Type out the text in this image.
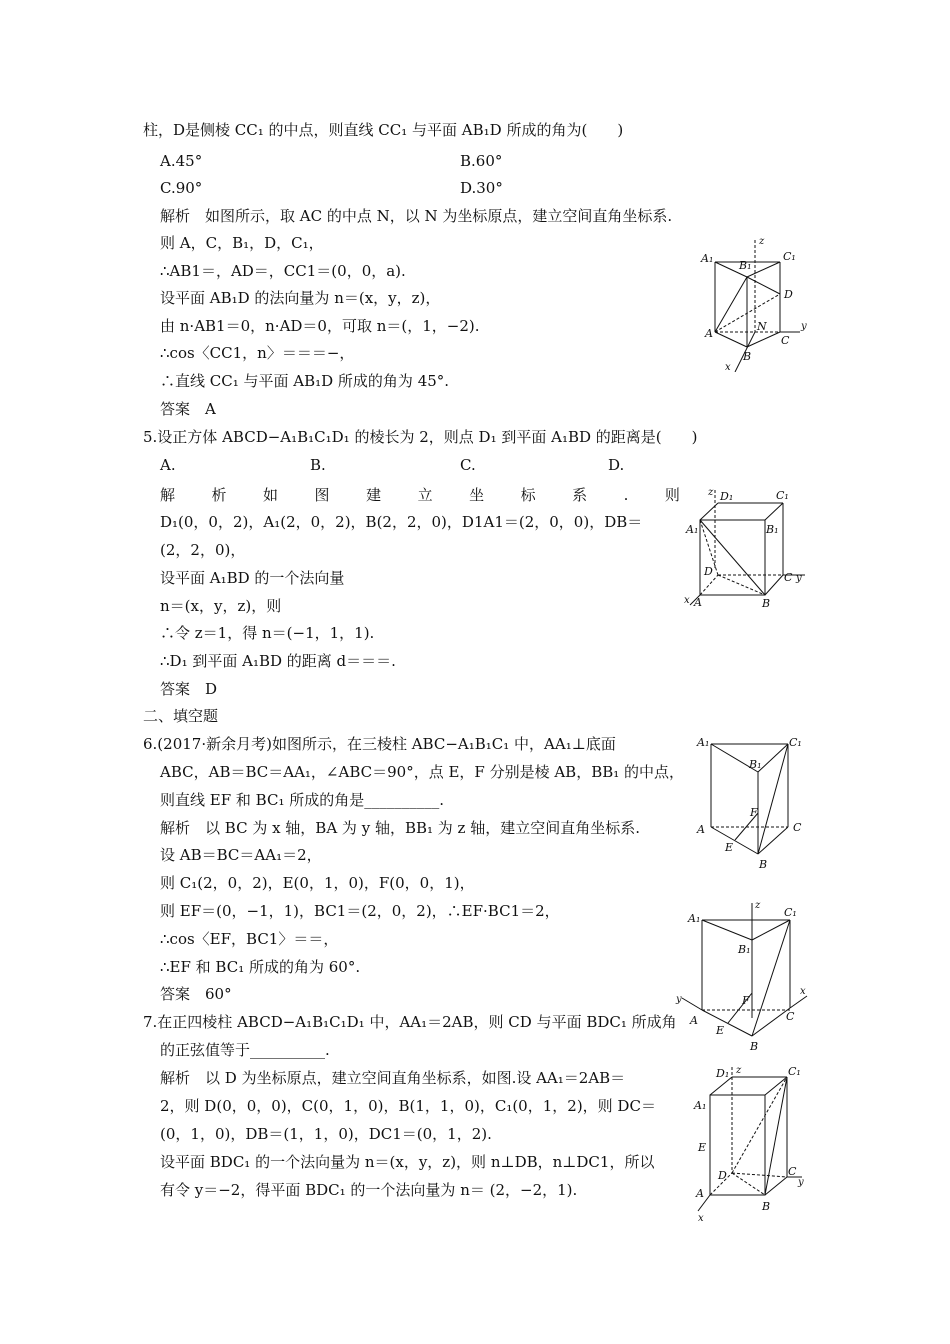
柱，D是侧棱 CC₁ 的中点，则直线 CC₁ 与平面 AB₁D 所成的角为(　　)
A.45°	B.60°
C.90°	D.30°
解析　如图所示，取 AC 的中点 N，以 N 为坐标原点，建立空间直角坐标系.
则 A，C，B₁，D，C₁，
∴AB1＝，AD＝，CC1＝(0，0，a).
设平面 AB₁D 的法向量为 n＝(x，y，z)，
由 n·AB1＝0，n·AD＝0，可取 n＝(，1，−2).
∴cos〈CC1，n〉＝＝＝−，
∴直线 CC₁ 与平面 AB₁D 所成的角为 45°.
答案　A
5.设正方体 ABCD−A₁B₁C₁D₁ 的棱长为 2，则点 D₁ 到平面 A₁BD 的距离是(　　)
A.	B.	C.	D.
解 析 如 图 建 立 坐 标 系 . 则
D₁(0，0，2)，A₁(2，0，2)，B(2，2，0)，D1A1＝(2，0，0)，DB＝
(2，2，0)，
设平面 A₁BD 的一个法向量
n＝(x，y，z)，则
∴令 z＝1，得 n＝(−1，1，1).
∴D₁ 到平面 A₁BD 的距离 d＝＝＝.
答案　D
二、填空题
6.(2017·新余月考)如图所示，在三棱柱 ABC−A₁B₁C₁ 中，AA₁⊥底面
ABC，AB＝BC＝AA₁，∠ABC＝90°，点 E，F 分别是棱 AB，BB₁ 的中点，
则直线 EF 和 BC₁ 所成的角是__________.
解析　以 BC 为 x 轴，BA 为 y 轴，BB₁ 为 z 轴，建立空间直角坐标系.
设 AB＝BC＝AA₁＝2，
则 C₁(2，0，2)，E(0，1，0)，F(0，0，1)，
则 EF＝(0，−1，1)，BC1＝(2，0，2)，∴EF·BC1＝2，
∴cos〈EF，BC1〉＝＝，
∴EF 和 BC₁ 所成的角为 60°.
答案　60°
7.在正四棱柱 ABCD−A₁B₁C₁D₁ 中，AA₁＝2AB，则 CD 与平面 BDC₁ 所成角
的正弦值等于__________.
解析　以 D 为坐标原点，建立空间直角坐标系，如图.设 AA₁＝2AB＝
2，则 D(0，0，0)，C(0，1，0)，B(1，1，0)，C₁(0，1，2)，则 DC＝
(0，1，0)，DB＝(1，1，0)，DC1＝(0，1，2).
设平面 BDC₁ 的一个法向量为 n＝(x，y，z)，则 n⊥DB，n⊥DC1，所以
有令 y＝−2，得平面 BDC₁ 的一个法向量为 n＝ (2，−2，1).
A₁
B₁
C₁
z
D
A
N
C
y
B
x
z D₁	C₁
A₁	B₁
D	C y
x A	B
A₁	C₁
B₁
F
A	C
E
B
z
A₁	C₁
B₁
y	F
x
A
E
C
B
D₁ z	C₁
A₁
E
D	C
y
A
B
x
